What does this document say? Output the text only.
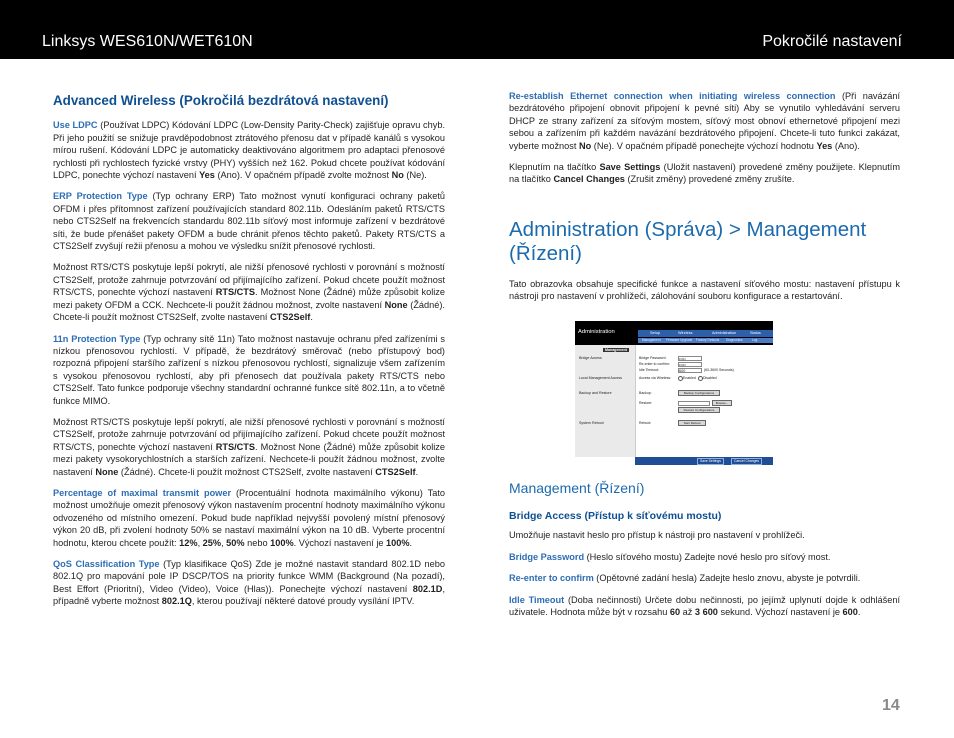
Linksys WES610N/WET610N	Pokročilé nastavení
Advanced Wireless (Pokročilá bezdrátová nastavení)

Use LDPC (Používat LDPC) Kódování LDPC (Low-Density Parity-Check) zajišťuje opravu chyb. Při jeho použití se snižuje pravděpodobnost ztrátového přenosu dat v případě kanálů s vysokou mírou rušení. Kódování LDPC je automaticky deaktivováno algoritmem pro adaptaci přenosové rychlosti při rychlostech fyzické vrstvy (PHY) vyšších než 162. Pokud chcete používat kódování LDPC, ponechte výchozí nastavení Yes (Ano). V opačném případě zvolte možnost No (Ne).

ERP Protection Type (Typ ochrany ERP) Tato možnost vynutí konfiguraci ochrany paketů OFDM i přes přítomnost zařízení používajících standard 802.11b. Odesláním paketů RTS/CTS nebo CTS2Self na frekvencích standardu 802.11b síťový most informuje zařízení v bezdrátové síti, že bude přenášet pakety OFDM a bude chránit přenos těchto paketů. Pakety RTS/CTS a CTS2Self zvyšují režii přenosu a mohou ve výsledku snížit přenosové rychlosti.

Možnost RTS/CTS poskytuje lepší pokrytí, ale nižší přenosové rychlosti v porovnání s možností CTS2Self, protože zahrnuje potvrzování od přijímajícího zařízení. Pokud chcete použít možnost RTS/CTS, ponechte výchozí nastavení RTS/CTS. Možnost None (Žádné) může způsobit kolize mezi pakety OFDM a CCK. Nechcete-li použít žádnou možnost, zvolte nastavení None (Žádné). Chcete-li použít možnost CTS2Self, zvolte nastavení CTS2Self.

11n Protection Type (Typ ochrany sítě 11n) Tato možnost nastavuje ochranu před zařízeními s nízkou přenosovou rychlostí. V případě, že bezdrátový směrovač (nebo přístupový bod) rozpozná připojení staršího zařízení s nízkou přenosovou rychlostí, signalizuje všem zařízením s vysokou přenosovou rychlostí, aby při přenosech dat používala pakety RTS/CTS nebo CTS2Self. Tato funkce podporuje všechny standardní ochranné funkce sítě 802.11n, a to včetně funkce MIMO.

Možnost RTS/CTS poskytuje lepší pokrytí, ale nižší přenosové rychlosti v porovnání s možností CTS2Self, protože zahrnuje potvrzování od přijímajícího zařízení. Pokud chcete použít možnost RTS/CTS, ponechte výchozí nastavení RTS/CTS. Možnost None (Žádné) může způsobit kolize mezi pakety vysokorychlostních a starších zařízení. Nechcete-li použít žádnou možnost, zvolte nastavení None (Žádné). Chcete-li použít možnost CTS2Self, zvolte nastavení CTS2Self.

Percentage of maximal transmit power (Procentuální hodnota maximálního výkonu) Tato možnost umožňuje omezit přenosový výkon nastavením procentní hodnoty maximálního výkonu odvozeného od místního omezení. Pokud bude například nejvyšší povolený místní přenosový výkon 20 dB, při zvolení hodnoty 50% se nastaví maximální výkon na 10 dB. Vyberte procentní hodnotu, kterou chcete použít: 12%, 25%, 50% nebo 100%. Výchozí nastavení je 100%.

QoS Classification Type (Typ klasifikace QoS) Zde je možné nastavit standard 802.1D nebo 802.1Q pro mapování pole IP DSCP/TOS na priority funkce WMM (Background (Na pozadí), Best Effort (Prioritní), Video (Video), Voice (Hlas)). Ponechejte výchozí nastavení 802.1D, případně vyberte možnost 802.1Q, kterou používají některé datové proudy vysílání IPTV.

Re-establish Ethernet connection when initiating wireless connection (Při navázání bezdrátového připojení obnovit připojení k pevné síti) Aby se vynutilo vyhledávání serveru DHCP ze strany zařízení za síťovým mostem, síťový most obnoví ethernetové připojení mezi sebou a zařízením při každém navázání bezdrátového připojení. Chcete-li tuto funkci zakázat, vyberte možnost No (Ne). V opačném případě ponechejte výchozí hodnotu Yes (Ano).

Klepnutím na tlačítko Save Settings (Uložit nastavení) provedené změny použijete. Klepnutím na tlačítko Cancel Changes (Zrušit změny) provedené změny zrušíte.

Administration (Správa) > Management (Řízení)

Tato obrazovka obsahuje specifické funkce a nastavení síťového mostu: nastavení přístupu k nástroji pro nastavení v prohlížeči, zálohování souboru konfigurace a restartování.

Administration	Setup	Wireless	Administration	Status
Management Firmware Upgrade Factory Defaults Diagnostics	Log
Management
Bridge Access
Local Management Access
Backup and Restore
System Reboot
Bridge Password:	•••••
Re-enter to confirm: •••••
Idle Timeout:	600	(60-3600 Seconds)
Access via Wireless:	Enabled Disabled
Backup:	Backup Configurations
Restore:	Browse...
Restore Configurations
Reboot:	Start Reboot
Save Settings	Cancel Changes
Management (Řízení)
Bridge Access (Přístup k síťovému mostu)

Umožňuje nastavit heslo pro přístup k nástroji pro nastavení v prohlížeči.

Bridge Password (Heslo síťového mostu) Zadejte nové heslo pro síťový most.

Re-enter to confirm (Opětovné zadání hesla) Zadejte heslo znovu, abyste je potvrdili.

Idle Timeout (Doba nečinnosti) Určete dobu nečinnosti, po jejímž uplynutí dojde k odhlášení uživatele. Hodnota může být v rozsahu 60 až 3 600 sekund. Výchozí nastavení je 600.

14
